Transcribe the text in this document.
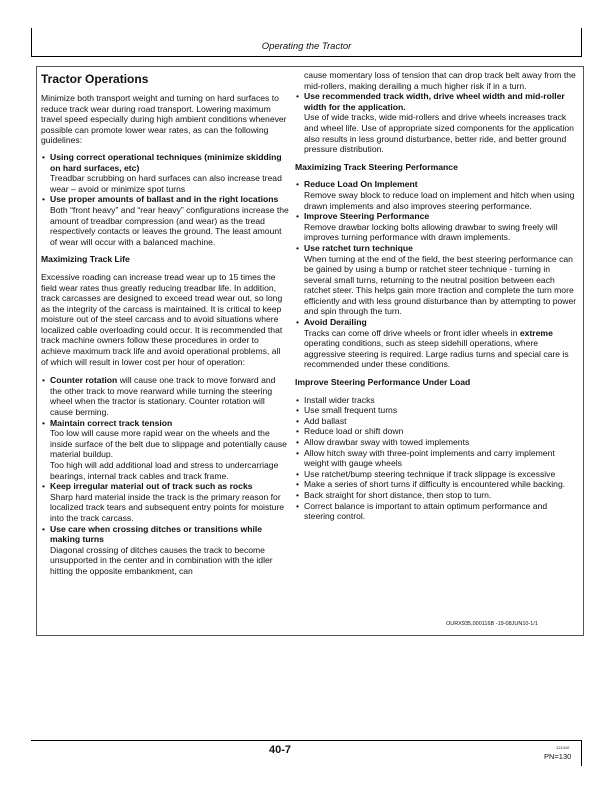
Operating the Tractor
Tractor Operations

Minimize both transport weight and turning on hard surfaces to reduce track wear during road transport. Lowering maximum travel speed especially during high ambient conditions whenever possible can promote lower wear rates, as can the following guidelines:

• Using correct operational techniques (minimize skidding on hard surfaces, etc)
Treadbar scrubbing on hard surfaces can also increase tread wear – avoid or minimize spot turns
• Use proper amounts of ballast and in the right locations
Both “front heavy” and “rear heavy” configurations increase the amount of treadbar compression (and wear) as the tread respectively contacts or leaves the ground. The least amount of wear will occur with a balanced machine.
Maximizing Track Life

Excessive roading can increase tread wear up to 15 times the field wear rates thus greatly reducing treadbar life. In addition, track carcasses are designed to exceed tread wear out, so long as the integrity of the carcass is maintained. It is critical to keep moisture out of the steel carcass and to avoid situations where localized cable overloading could occur. It is recommended that track machine owners follow these procedures in order to achieve maximum track life and avoid operational problems, all of which will result in lower cost per hour of operation:

• Counter rotation will cause one track to move forward and the other track to move rearward while turning the steering wheel when the tractor is stationary. Counter rotation will cause berming.
• Maintain correct track tension
Too low will cause more rapid wear on the wheels and the inside surface of the belt due to slippage and potentially cause material buildup.
Too high will add additional load and stress to undercarriage bearings, internal track cables and track frame.
• Keep irregular material out of track such as rocks
Sharp hard material inside the track is the primary reason for localized track tears and subsequent entry points for moisture into the track carcass.
• Use care when crossing ditches or transitions while making turns
Diagonal crossing of ditches causes the track to become unsupported in the center and in combination with the idler hitting the opposite embankment, can
cause momentary loss of tension that can drop track belt away from the mid-rollers, making derailing a much higher risk if in a turn.
• Use recommended track width, drive wheel width and mid-roller width for the application.
Use of wide tracks, wide mid-rollers and drive wheels increases track and wheel life. Use of appropriate sized components for the application also results in less ground disturbance, better ride, and better ground pressure distribution.
Maximizing Track Steering Performance
• Reduce Load On Implement
Remove sway block to reduce load on implement and hitch when using drawn implements and also improves steering performance.
• Improve Steering Performance
Remove drawbar locking bolts allowing drawbar to swing freely will improves turning performance with drawn implements.
• Use ratchet turn technique
When turning at the end of the field, the best steering performance can be gained by using a bump or ratchet steer technique - turning in several small turns, returning to the neutral position between each ratchet steer. This helps gain more traction and complete the turn more efficiently and with less ground disturbance than by attempting to power and spin through the turn.
• Avoid Derailing
Tracks can come off drive wheels or front idler wheels in extreme operating conditions, such as steep sidehill operations, where aggressive steering is required. Large radius turns and special care is recommended under these conditions.
Improve Steering Performance Under Load
• Install wider tracks
• Use small frequent turns
• Add ballast
• Reduce load or shift down
• Allow drawbar sway with towed implements
• Allow hitch sway with three-point implements and carry implement weight with gauge wheels
• Use ratchet/bump steering technique if track slippage is excessive
• Make a series of short turns if difficulty is encountered while backing.
• Back straight for short distance, then stop to turn.
• Correct balance is important to attain optimum performance and steering control.
OURX935,000116B -19-08JUN10-1/1
40-7	121410
PN=130
